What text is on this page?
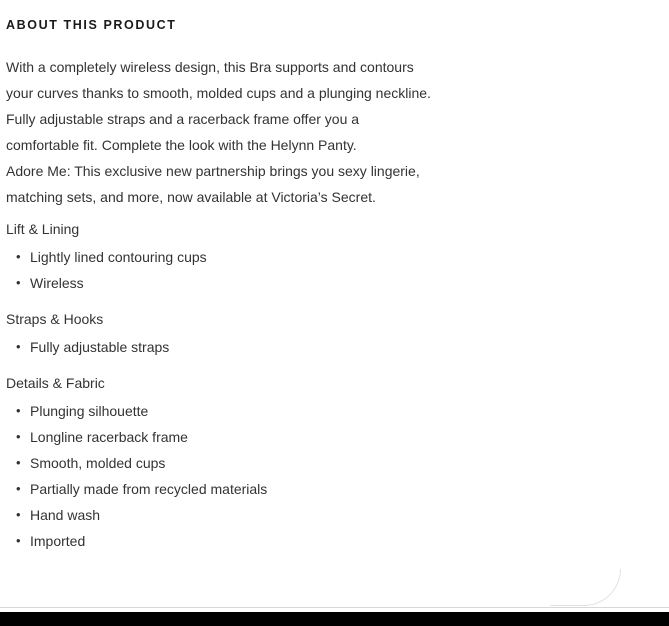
ABOUT THIS PRODUCT

With a completely wireless design, this Bra supports and contours

your curves thanks to smooth, molded cups and a plunging neckline.

Fully adjustable straps and a racerback frame offer you a

comfortable fit. Complete the look with the Helynn Panty.

Adore Me: This exclusive new partnership brings you sexy lingerie,

matching sets, and more, now available at Victoria’s Secret.

Lift & Lining
• Lightly lined contouring cups
• Wireless
Straps & Hooks
• Fully adjustable straps
Details & Fabric
• Plunging silhouette
• Longline racerback frame
• Smooth, molded cups
• Partially made from recycled materials
• Hand wash
• Imported
